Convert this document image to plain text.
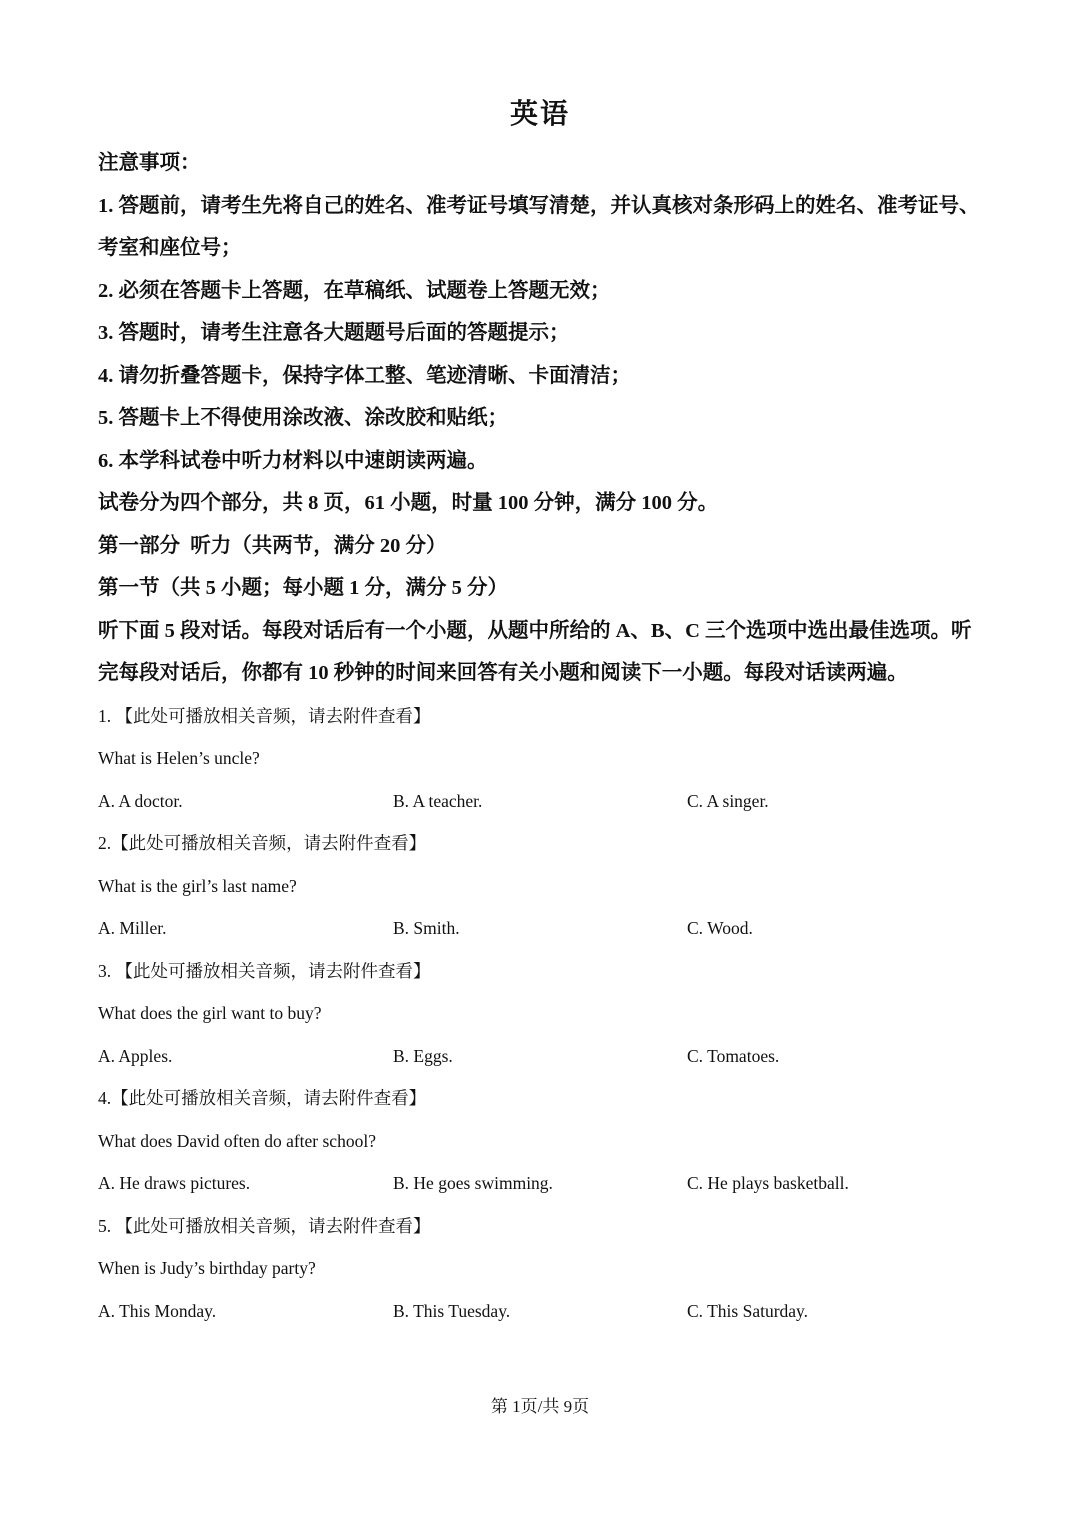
英语
注意事项：
1. 答题前，请考生先将自己的姓名、准考证号填写清楚，并认真核对条形码上的姓名、准考证号、考室和座位号；
2. 必须在答题卡上答题，在草稿纸、试题卷上答题无效；
3. 答题时，请考生注意各大题题号后面的答题提示；
4. 请勿折叠答题卡，保持字体工整、笔迹清晰、卡面清洁；
5. 答题卡上不得使用涂改液、涂改胶和贴纸；
6. 本学科试卷中听力材料以中速朗读两遍。
试卷分为四个部分，共 8 页，61 小题，时量 100 分钟，满分 100 分。
第一部分  听力（共两节，满分 20 分）
第一节（共 5 小题；每小题 1 分，满分 5 分）
听下面 5 段对话。每段对话后有一个小题，从题中所给的 A、B、C 三个选项中选出最佳选项。听完每段对话后，你都有 10 秒钟的时间来回答有关小题和阅读下一小题。每段对话读两遍。
1. 【此处可播放相关音频，请去附件查看】
What is Helen’s uncle?
A. A doctor.	B. A teacher.	C. A singer.
2.【此处可播放相关音频，请去附件查看】
What is the girl’s last name?
A. Miller.	B. Smith.	C. Wood.
3. 【此处可播放相关音频，请去附件查看】
What does the girl want to buy?
A. Apples.	B. Eggs.	C. Tomatoes.
4.【此处可播放相关音频，请去附件查看】
What does David often do after school?
A. He draws pictures.	B. He goes swimming.	C. He plays basketball.
5. 【此处可播放相关音频，请去附件查看】
When is Judy’s birthday party?
A. This Monday.	B. This Tuesday.	C. This Saturday.
第 1页/共 9页
